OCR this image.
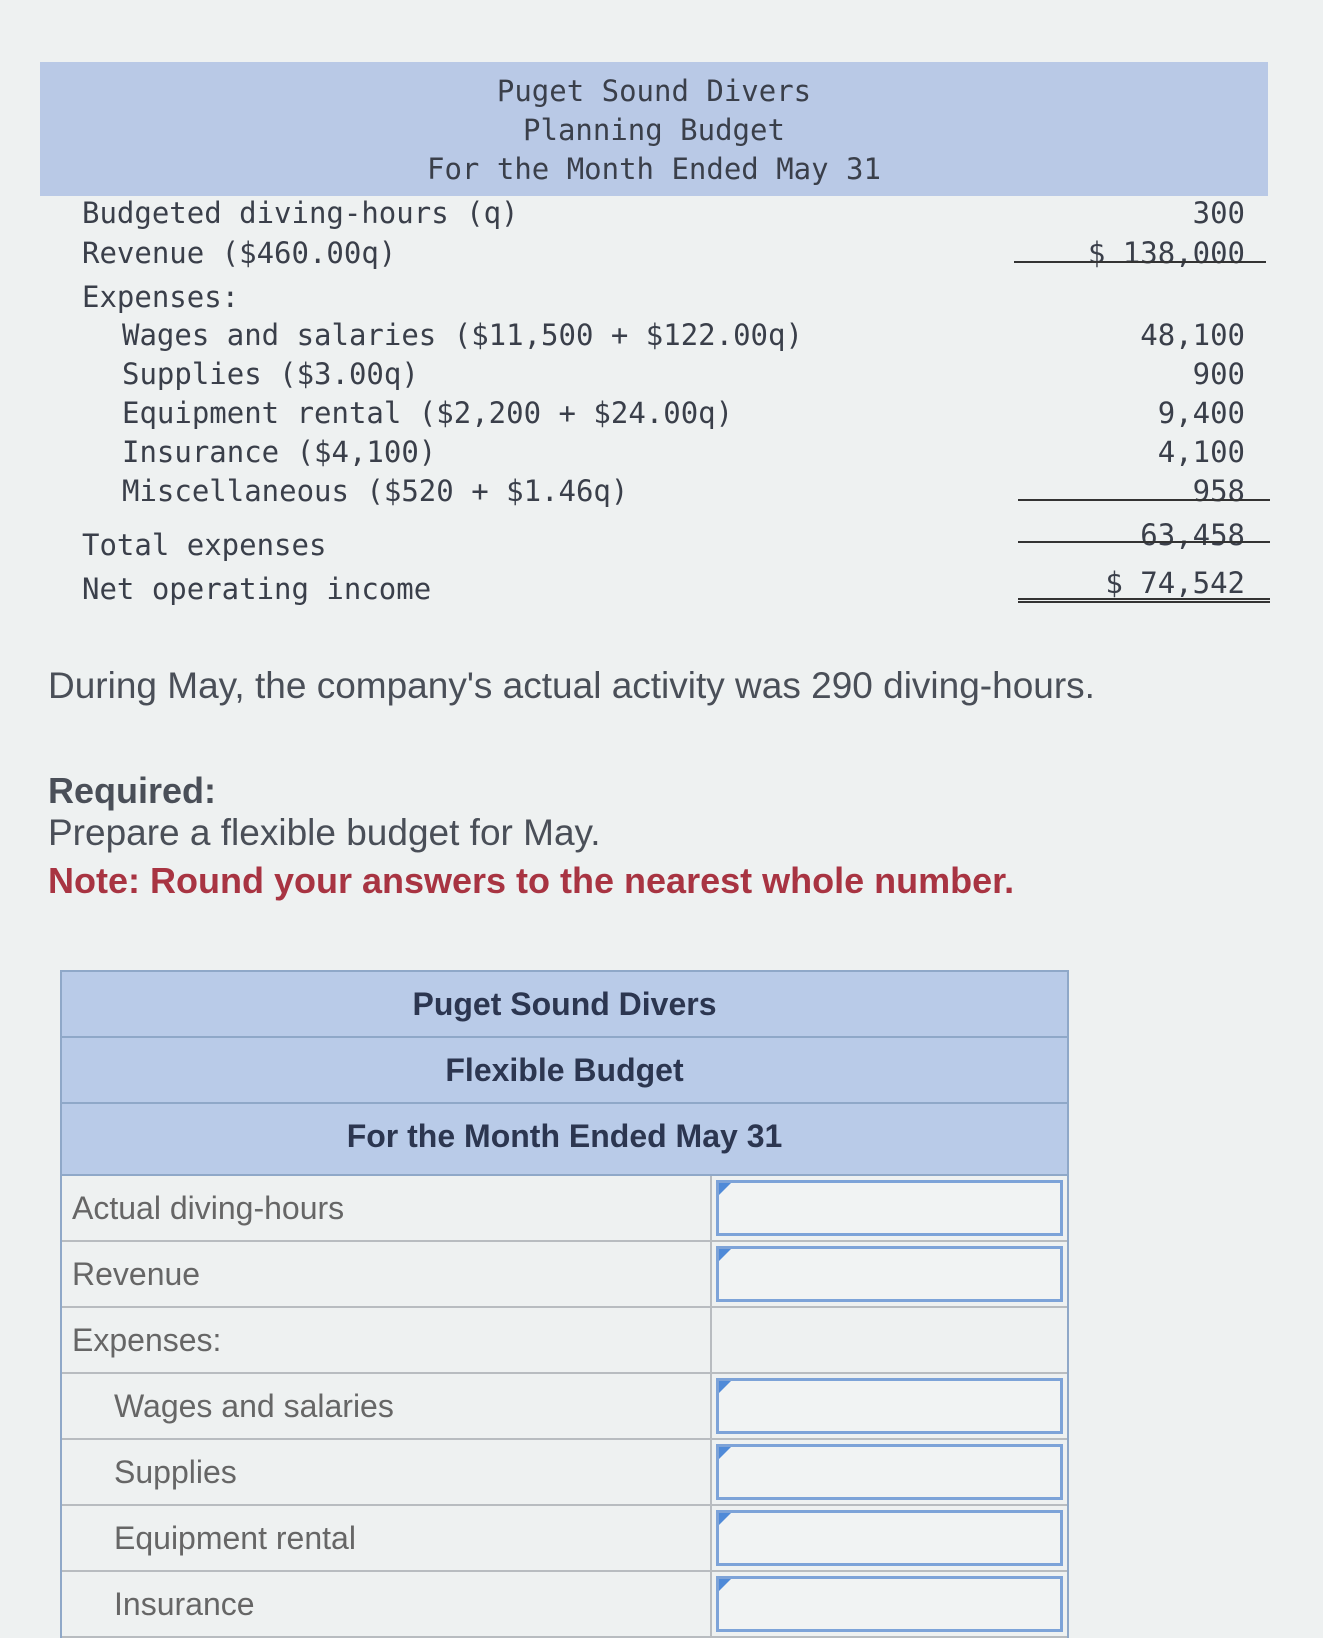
Puget Sound Divers
Planning Budget
For the Month Ended May 31
Budgeted diving-hours (q)	300
Revenue ($460.00q)	$ 138,000
Expenses:
Wages and salaries ($11,500 + $122.00q)	48,100
Supplies ($3.00q)	900
Equipment rental ($2,200 + $24.00q)	9,400
Insurance ($4,100)	4,100
Miscellaneous ($520 + $1.46q)	958
Total expenses	63,458
Net operating income	$ 74,542
During May, the company's actual activity was 290 diving-hours.
Required:
Prepare a flexible budget for May.
Note: Round your answers to the nearest whole number.
Puget Sound Divers
Flexible Budget
For the Month Ended May 31
Actual diving-hours
Revenue
Expenses:
Wages and salaries
Supplies
Equipment rental
Insurance
